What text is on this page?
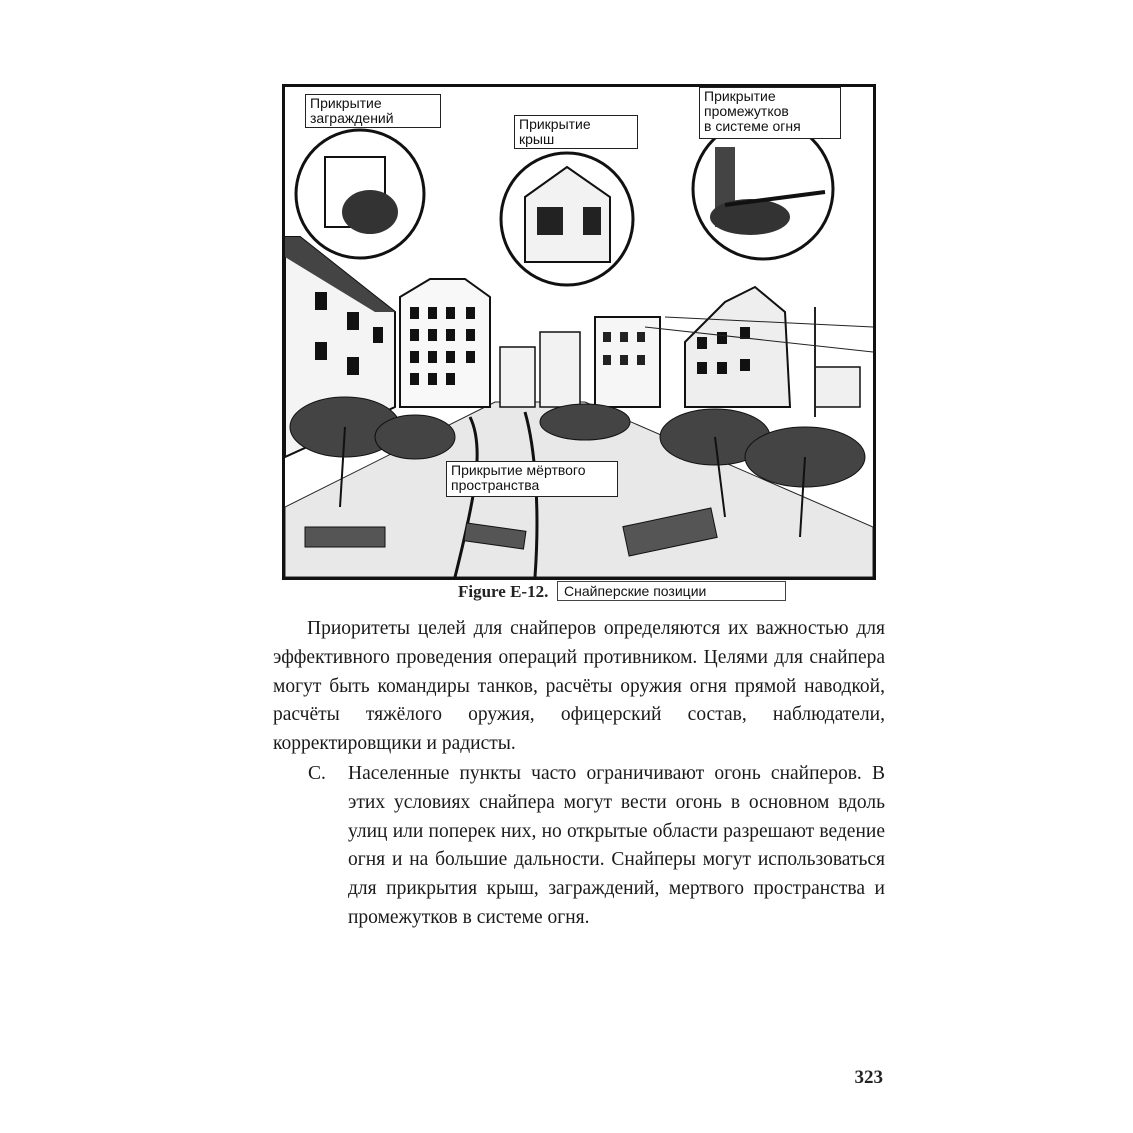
Прикрытие
заграждений	Прикрытие
крыш
Прикрытие
промежутков
в системе огня
Прикрытие мёртвого
пространства
Figure E-12.	Снайперские позиции

Приоритеты целей для снайперов определяются их важностью для эффективного проведения операций противником. Целями для снайпера могут быть командиры танков, расчёты оружия огня прямой наводкой, расчёты тяжёлого оружия, офицерский состав, наблюдатели, корректировщики и радисты.

C. Населенные пункты часто ограничивают огонь снайперов. В этих условиях снайпера могут вести огонь в основном вдоль улиц или поперек них, но открытые области разрешают ведение огня и на большие дальности. Снайперы могут использоваться для прикрытия крыш, заграждений, мертвого пространства и промежутков в системе огня.

323
